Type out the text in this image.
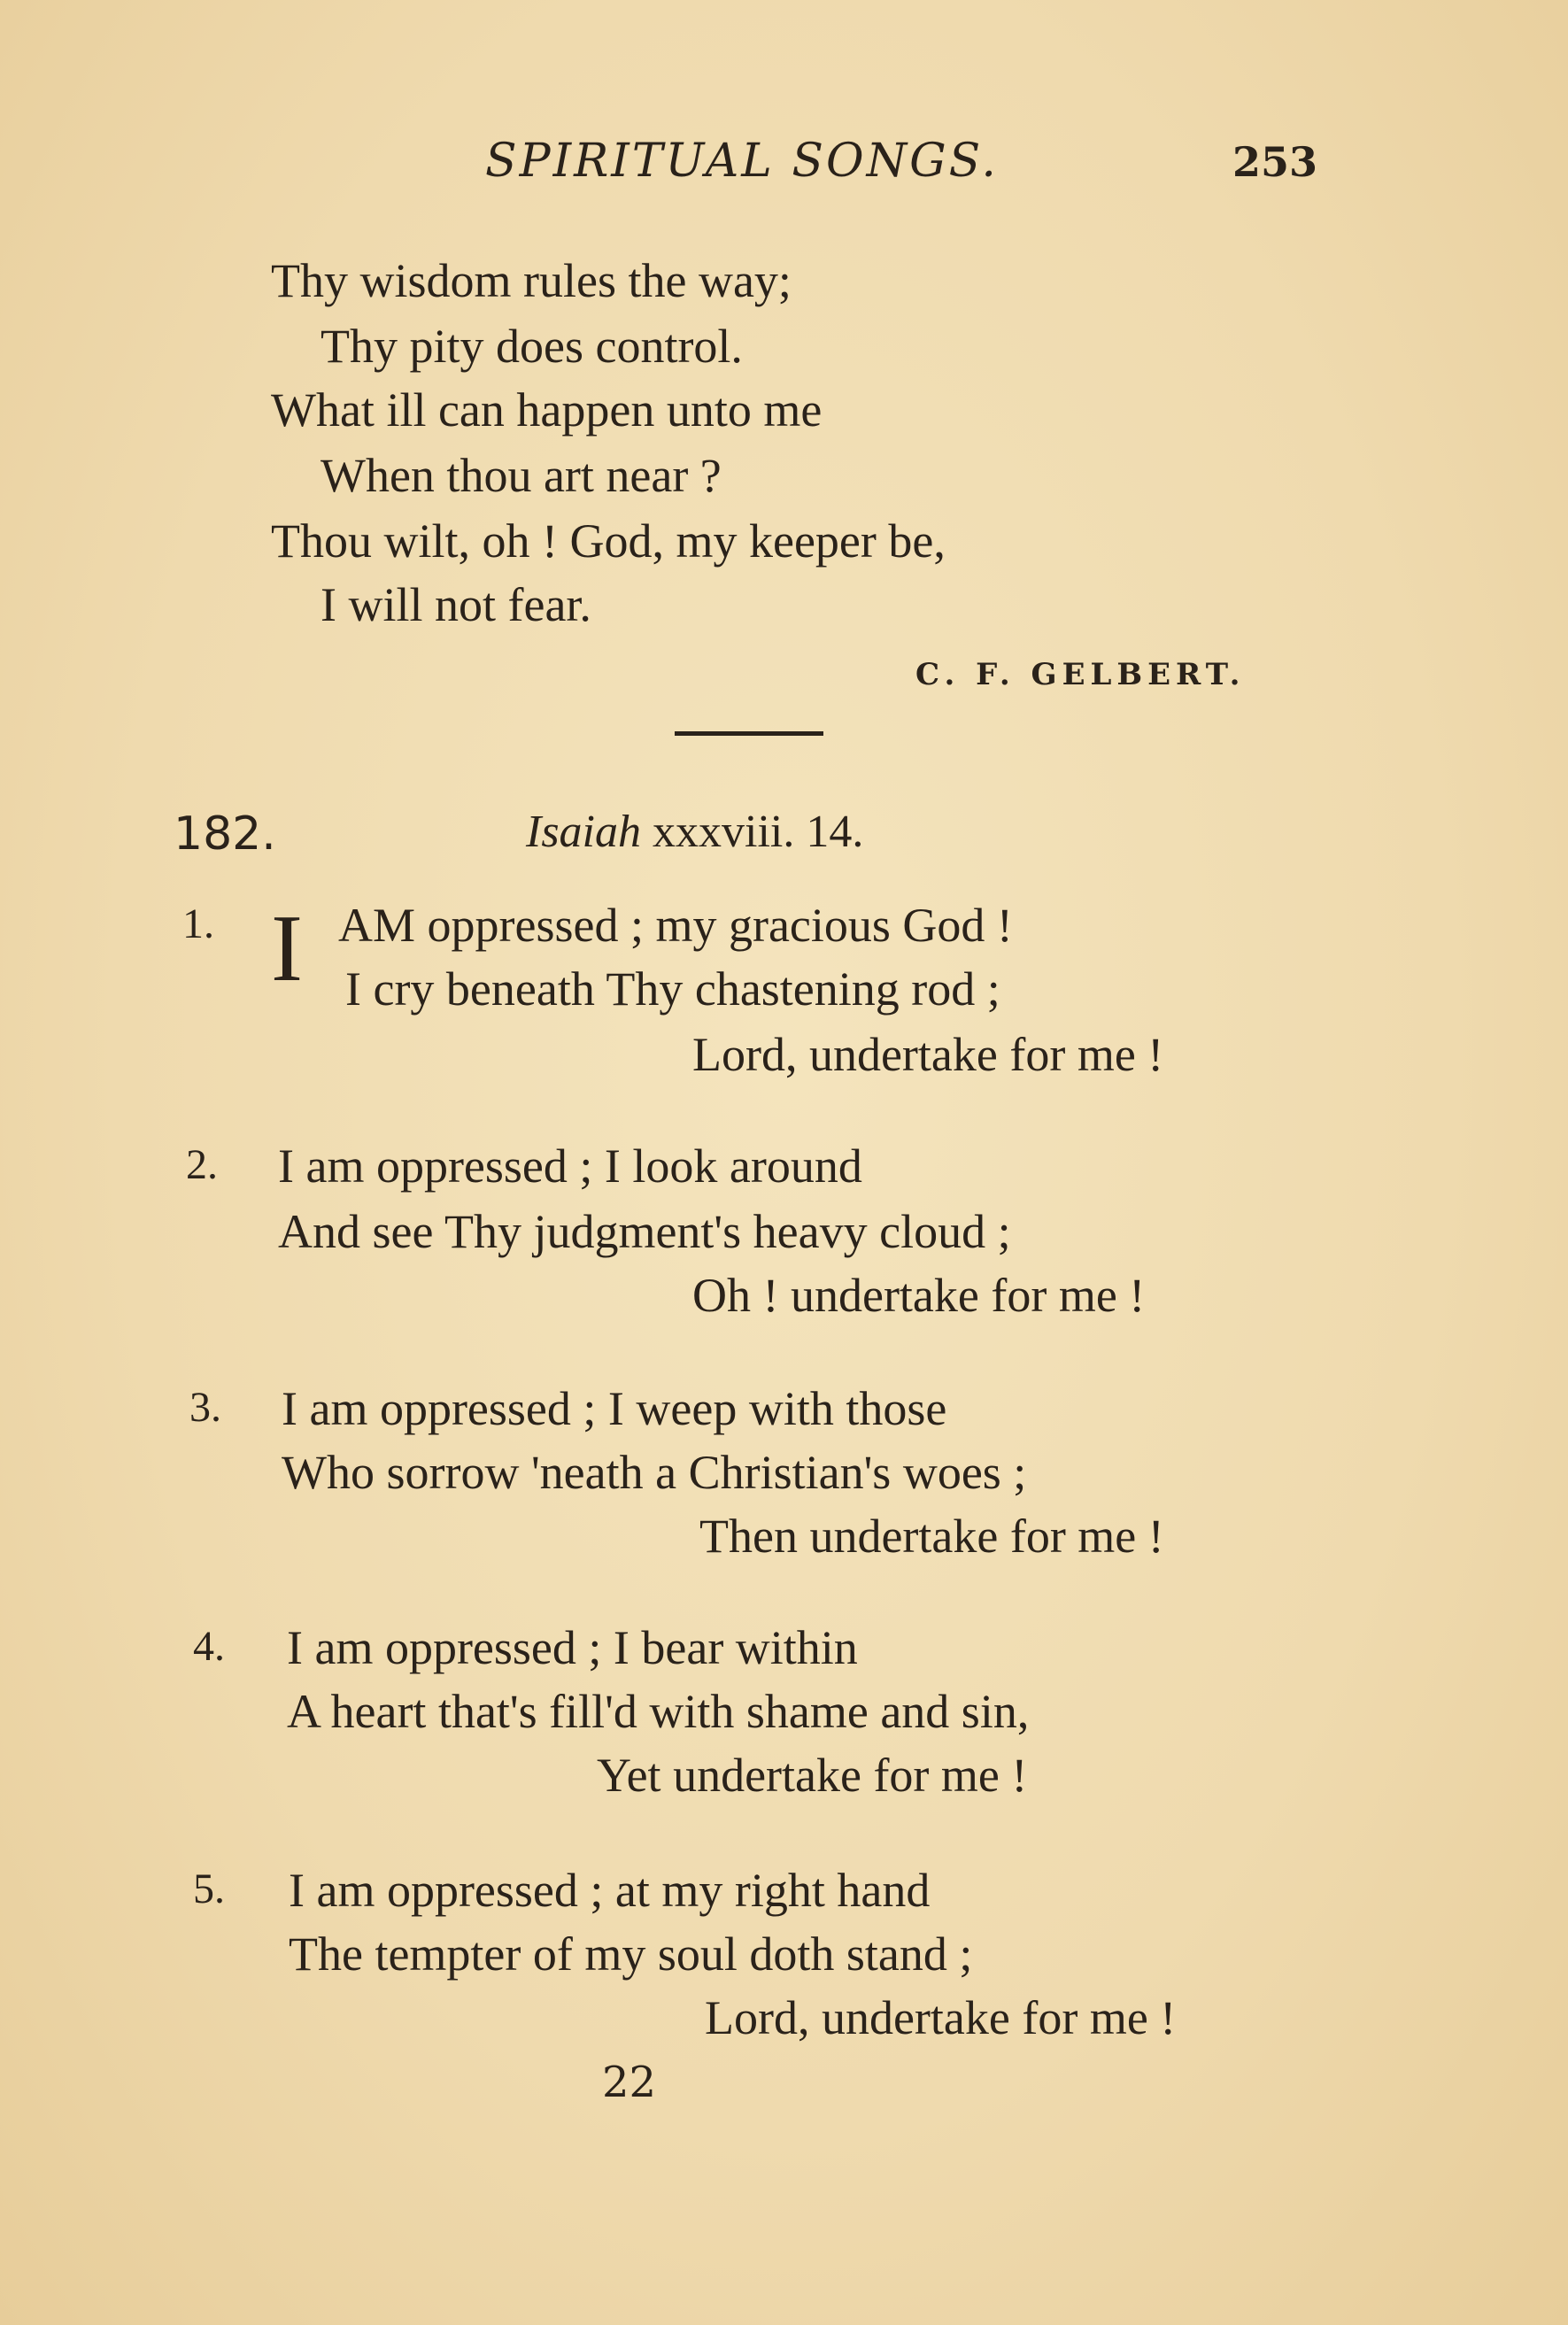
SPIRITUAL SONGS.	253
Thy wisdom rules the way;
Thy pity does control.
What ill can happen unto me
When thou art near ?
Thou wilt, oh ! God, my keeper be,
I will not fear.
C. F. GELBERT.
182.	Isaiah xxxviii. 14.
1. I AM oppressed ; my gracious God !
I cry beneath Thy chastening rod ;
Lord, undertake for me !
2. I am oppressed ; I look around
And see Thy judgment's heavy cloud ;
Oh ! undertake for me !
3. I am oppressed ; I weep with those
Who sorrow 'neath a Christian's woes ;
Then undertake for me !
4. I am oppressed ; I bear within
A heart that's fill'd with shame and sin,
Yet undertake for me !
5. I am oppressed ; at my right hand
The tempter of my soul doth stand ;
Lord, undertake for me !
22
